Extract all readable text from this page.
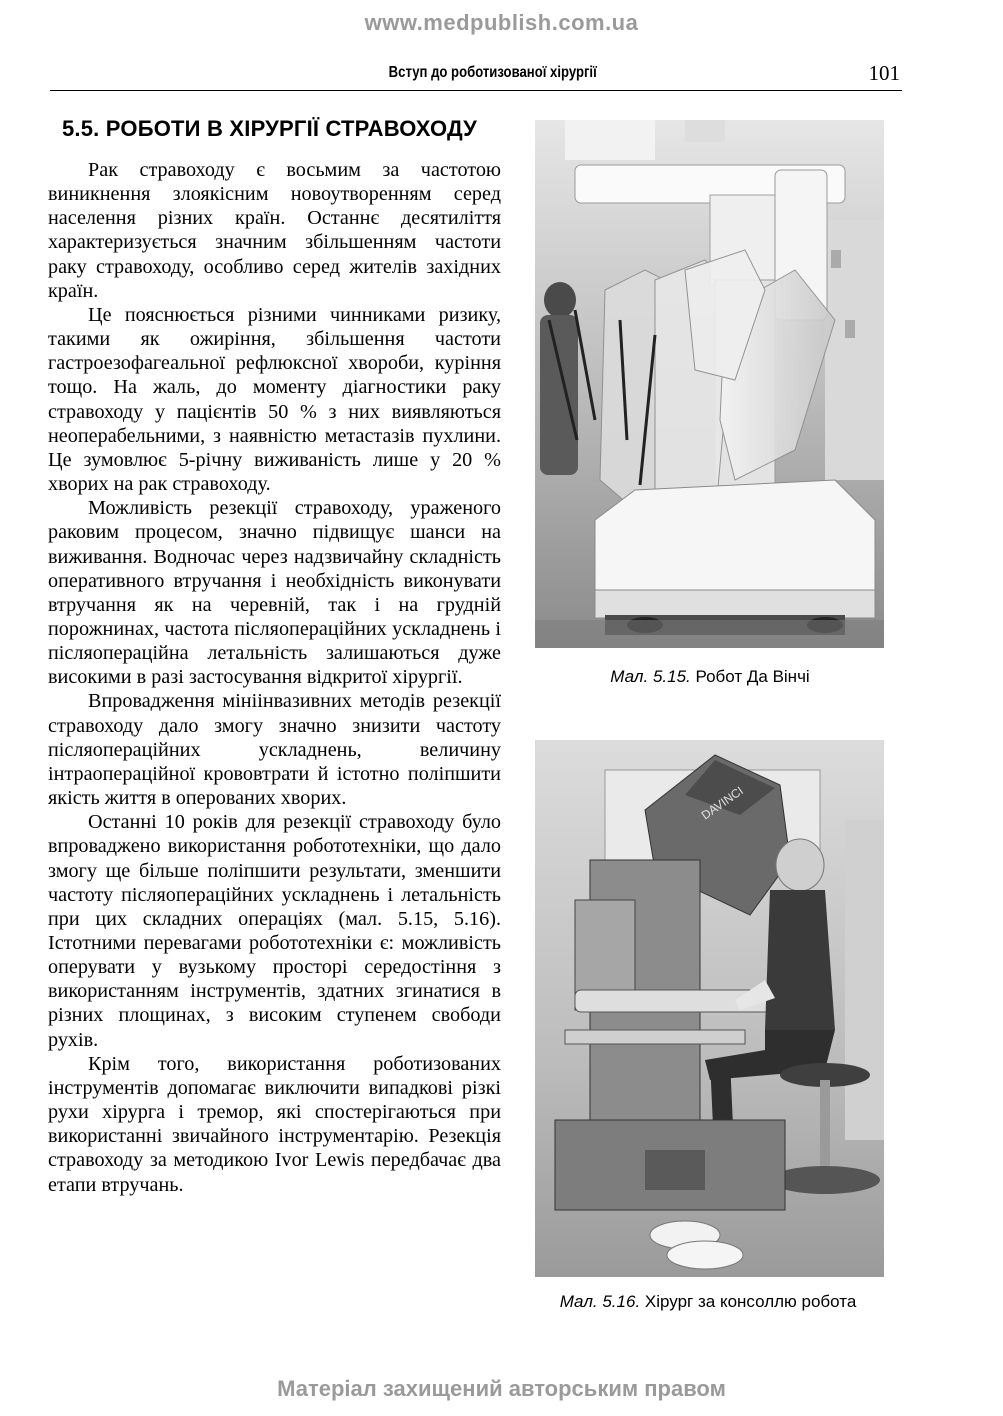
www.medpublish.com.ua
Вступ до роботизованої хірургії	101
5.5. РОБОТИ В ХІРУРГІЇ СТРАВОХОДУ

Рак стравоходу є восьмим за частотою виникнення злоякісним новоутворенням серед населення різних країн. Останнє десятиліття характеризується значним збільшенням частоти раку стравоходу, особливо серед жителів західних країн.

Це пояснюється різними чинниками ризику, такими як ожиріння, збільшення частоти гастроезофагеальної рефлюксної хвороби, куріння тощо. На жаль, до моменту діагностики раку стравоходу у пацієнтів 50 % з них виявляються неоперабельними, з наявністю метастазів пухлини. Це зумовлює 5-річну виживаність лише у 20 % хворих на рак стравоходу.

Можливість резекції стравоходу, ураженого раковим процесом, значно підвищує шанси на виживання. Водночас через надзвичайну складність оперативного втручання і необхідність виконувати втручання як на черевній, так і на грудній порожнинах, частота післяопераційних ускладнень і післяопераційна летальність залишаються дуже високими в разі застосування відкритої хірургії.

Впровадження мініінвазивних методів резекції стравоходу дало змогу значно знизити частоту післяопераційних ускладнень, величину інтраопераційної крововтрати й істотно поліпшити якість життя в оперованих хворих.

Останні 10 років для резекції стравоходу було впроваджено використання робототехніки, що дало змогу ще більше поліпшити результати, зменшити частоту післяопераційних ускладнень і летальність при цих складних операціях (мал. 5.15, 5.16). Істотними перевагами робототехніки є: можливість оперувати у вузькому просторі середостіння з використанням інструментів, здатних згинатися в різних площинах, з високим ступенем свободи рухів.

Крім того, використання роботизованих інструментів допомагає виключити випадкові різкі рухи хірурга і тремор, які спостерігаються при використанні звичайного інструментарію. Резекція стравоходу за методикою Ivor Lewis передбачає два етапи втручань.

Мал. 5.15. Робот Да Вінчі
DAVINCI
Мал. 5.16. Хірург за консоллю робота
Матеріал захищений авторським правом
